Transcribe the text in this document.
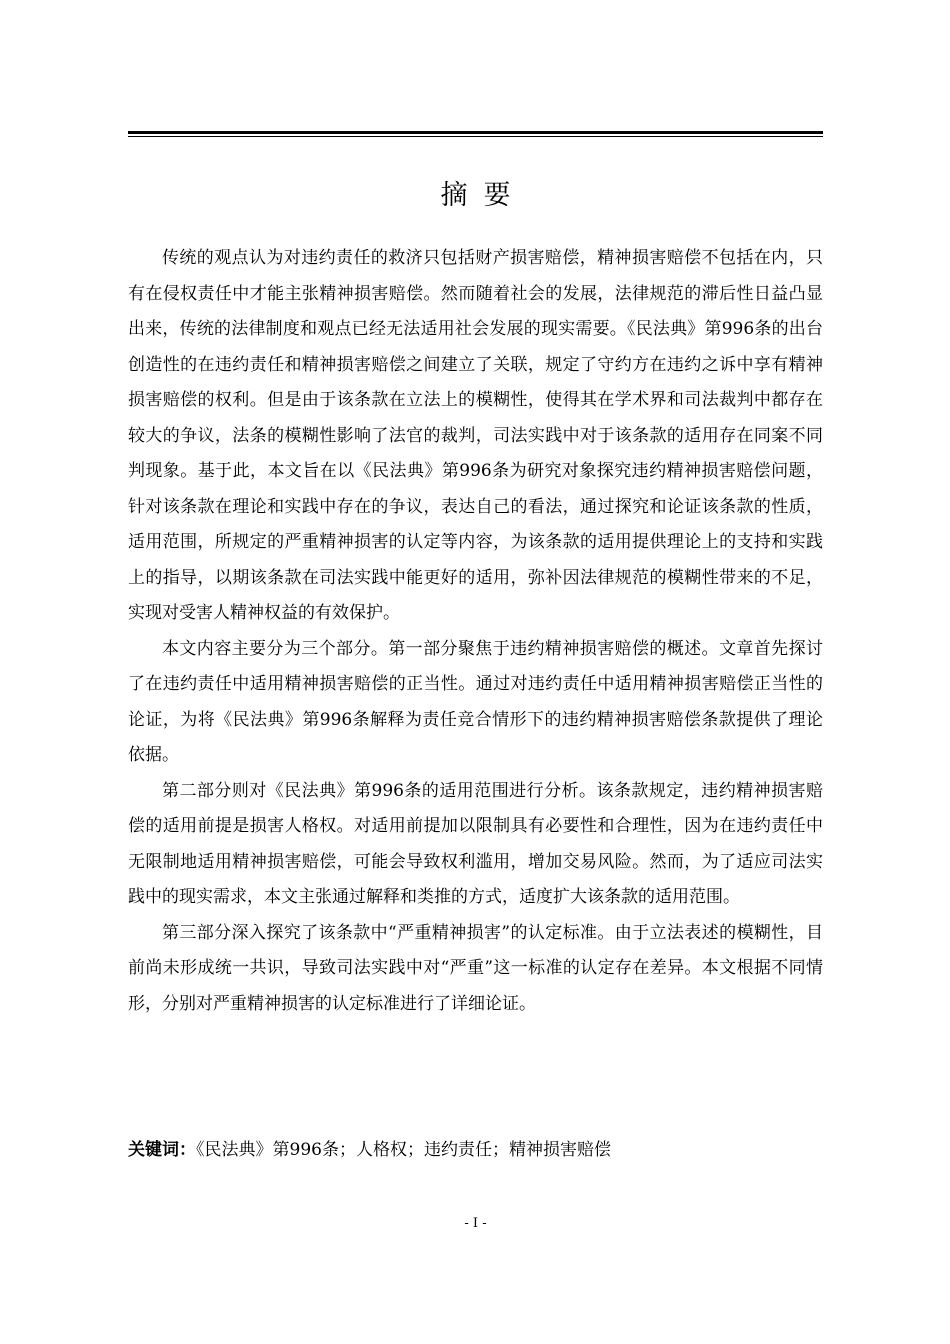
摘要

传统的观点认为对违约责任的救济只包括财产损害赔偿，精神损害赔偿不包括在内，只有在侵权责任中才能主张精神损害赔偿。然而随着社会的发展，法律规范的滞后性日益凸显出来，传统的法律制度和观点已经无法适用社会发展的现实需要。《民法典》第996条的出台创造性的在违约责任和精神损害赔偿之间建立了关联，规定了守约方在违约之诉中享有精神损害赔偿的权利。但是由于该条款在立法上的模糊性，使得其在学术界和司法裁判中都存在较大的争议，法条的模糊性影响了法官的裁判，司法实践中对于该条款的适用存在同案不同判现象。基于此，本文旨在以《民法典》第996条为研究对象探究违约精神损害赔偿问题，针对该条款在理论和实践中存在的争议，表达自己的看法，通过探究和论证该条款的性质，适用范围，所规定的严重精神损害的认定等内容，为该条款的适用提供理论上的支持和实践上的指导，以期该条款在司法实践中能更好的适用，弥补因法律规范的模糊性带来的不足，实现对受害人精神权益的有效保护。

本文内容主要分为三个部分。第一部分聚焦于违约精神损害赔偿的概述。文章首先探讨了在违约责任中适用精神损害赔偿的正当性。通过对违约责任中适用精神损害赔偿正当性的论证，为将《民法典》第996条解释为责任竞合情形下的违约精神损害赔偿条款提供了理论依据。

第二部分则对《民法典》第996条的适用范围进行分析。该条款规定，违约精神损害赔偿的适用前提是损害人格权。对适用前提加以限制具有必要性和合理性，因为在违约责任中无限制地适用精神损害赔偿，可能会导致权利滥用，增加交易风险。然而，为了适应司法实践中的现实需求，本文主张通过解释和类推的方式，适度扩大该条款的适用范围。

第三部分深入探究了该条款中“严重精神损害”的认定标准。由于立法表述的模糊性，目前尚未形成统一共识，导致司法实践中对“严重”这一标准的认定存在差异。本文根据不同情形，分别对严重精神损害的认定标准进行了详细论证。

关键词：《民法典》第996条；人格权；违约责任；精神损害赔偿
- I -
